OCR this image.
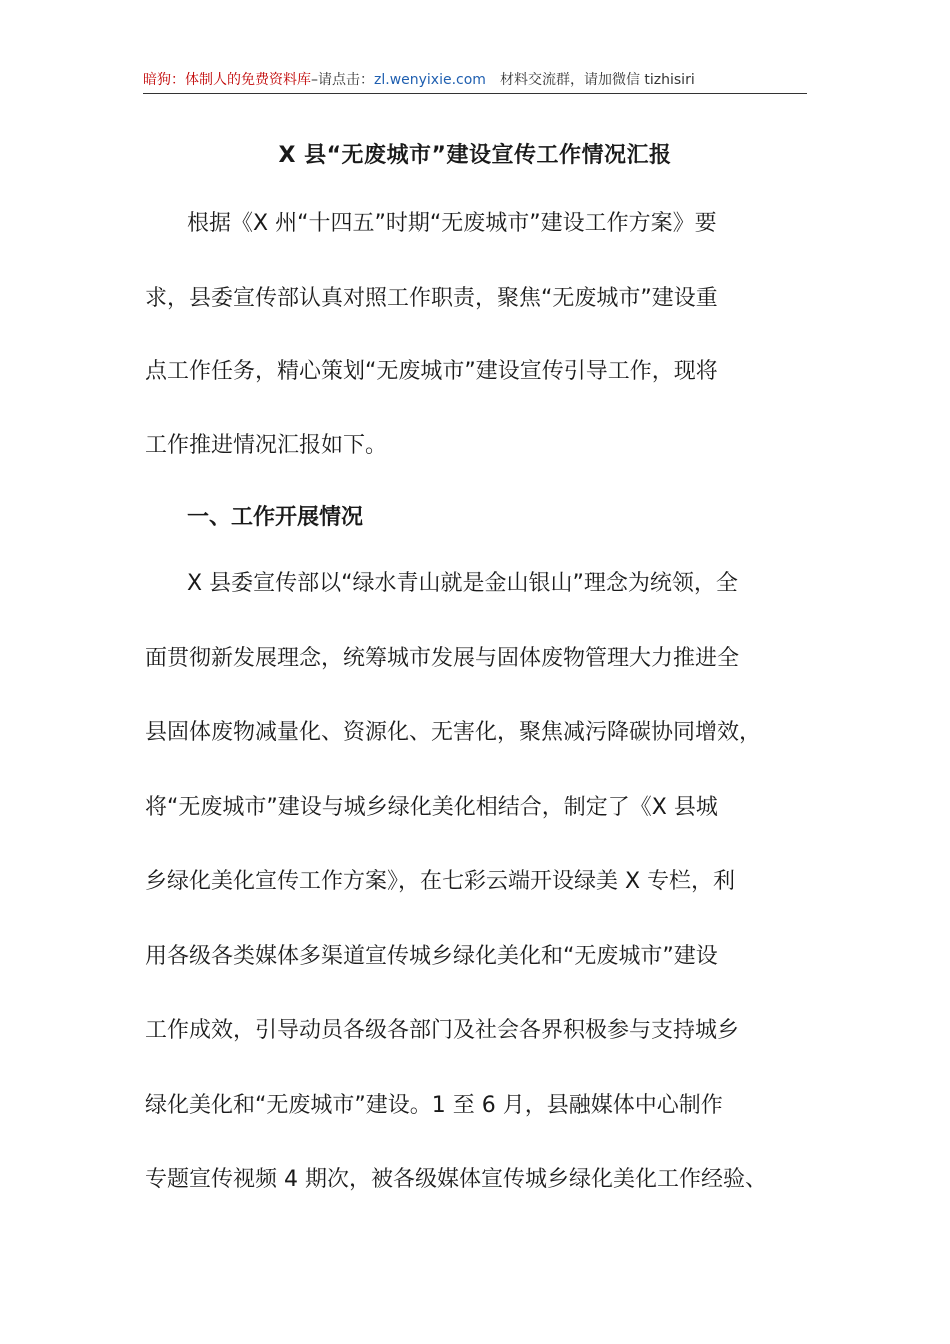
暗狗：体制人的免费资料库–请点击：zl.wenyixie.com 材料交流群，请加微信 tizhisiri
X 县“无废城市”建设宣传工作情况汇报
根据《X 州“十四五”时期“无废城市”建设工作方案》要
求，县委宣传部认真对照工作职责，聚焦“无废城市”建设重
点工作任务，精心策划“无废城市”建设宣传引导工作，现将
工作推进情况汇报如下。
一、工作开展情况
X 县委宣传部以“绿水青山就是金山银山”理念为统领，全
面贯彻新发展理念，统筹城市发展与固体废物管理大力推进全
县固体废物减量化、资源化、无害化，聚焦减污降碳协同增效，
将“无废城市”建设与城乡绿化美化相结合，制定了《X 县城
乡绿化美化宣传工作方案》，在七彩云端开设绿美 X 专栏，利
用各级各类媒体多渠道宣传城乡绿化美化和“无废城市”建设
工作成效，引导动员各级各部门及社会各界积极参与支持城乡
绿化美化和“无废城市”建设。1 至 6 月，县融媒体中心制作
专题宣传视频 4 期次，被各级媒体宣传城乡绿化美化工作经验、
